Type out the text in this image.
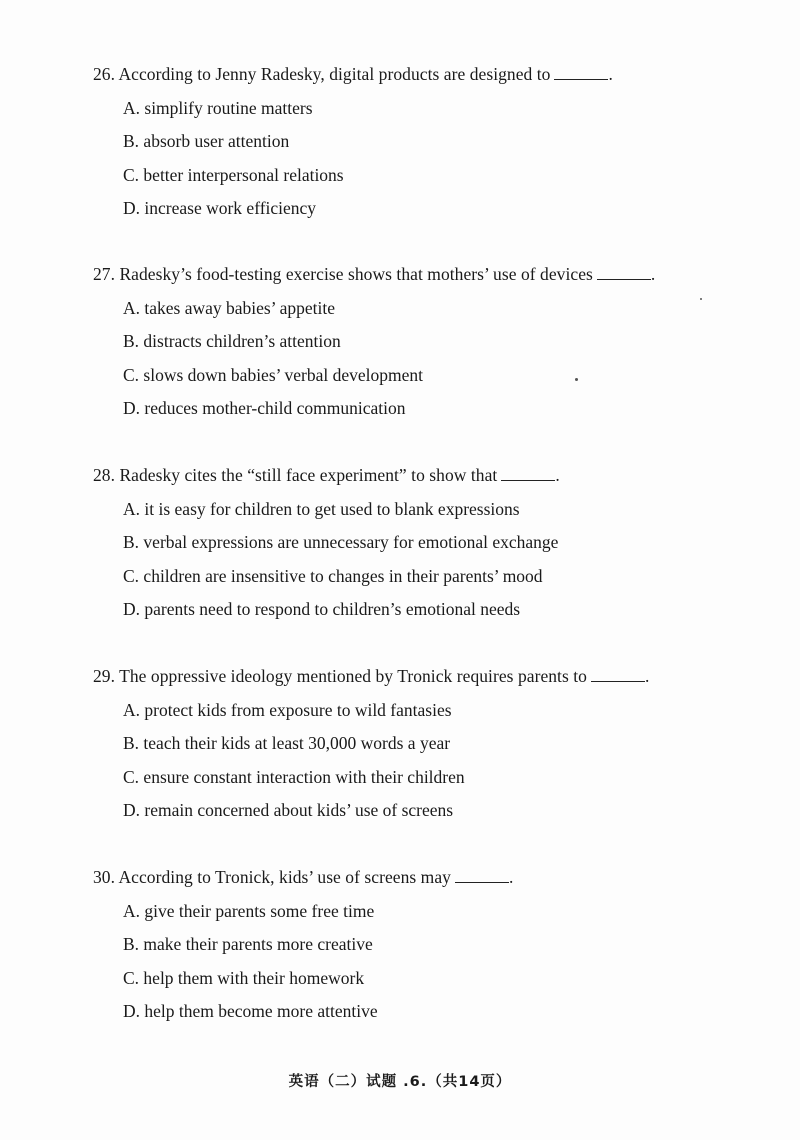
26. According to Jenny Radesky, digital products are designed to	.
A. simplify routine matters
B. absorb user attention
C. better interpersonal relations
D. increase work efficiency
27. Radesky’s food-testing exercise shows that mothers’ use of devices	.
A. takes away babies’ appetite
B. distracts children’s attention
C. slows down babies’ verbal development
D. reduces mother-child communication
28. Radesky cites the “still face experiment” to show that	.
A. it is easy for children to get used to blank expressions
B. verbal expressions are unnecessary for emotional exchange
C. children are insensitive to changes in their parents’ mood
D. parents need to respond to children’s emotional needs
29. The oppressive ideology mentioned by Tronick requires parents to	.
A. protect kids from exposure to wild fantasies
B. teach their kids at least 30,000 words a year
C. ensure constant interaction with their children
D. remain concerned about kids’ use of screens
30. According to Tronick, kids’ use of screens may	.
A. give their parents some free time
B. make their parents more creative
C. help them with their homework
D. help them become more attentive
英语（二）试题 .6.（共14页）
